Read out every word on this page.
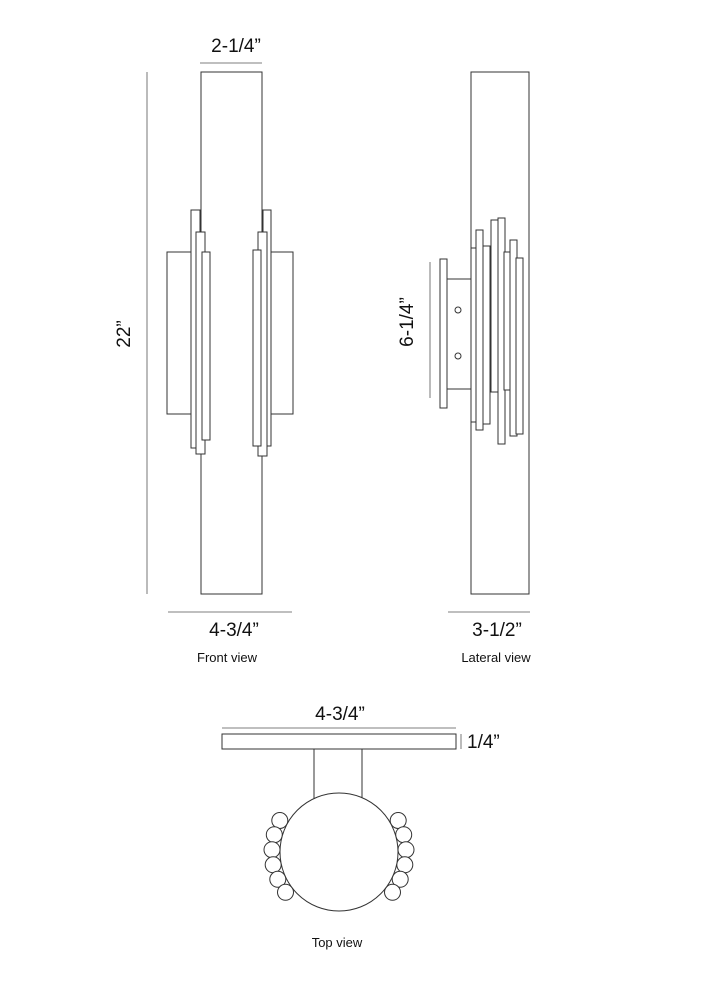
2-1/4”
22”
4-3/4”
Front view
6-1/4”
3-1/2”
Lateral view
4-3/4”
1/4”
Top view
